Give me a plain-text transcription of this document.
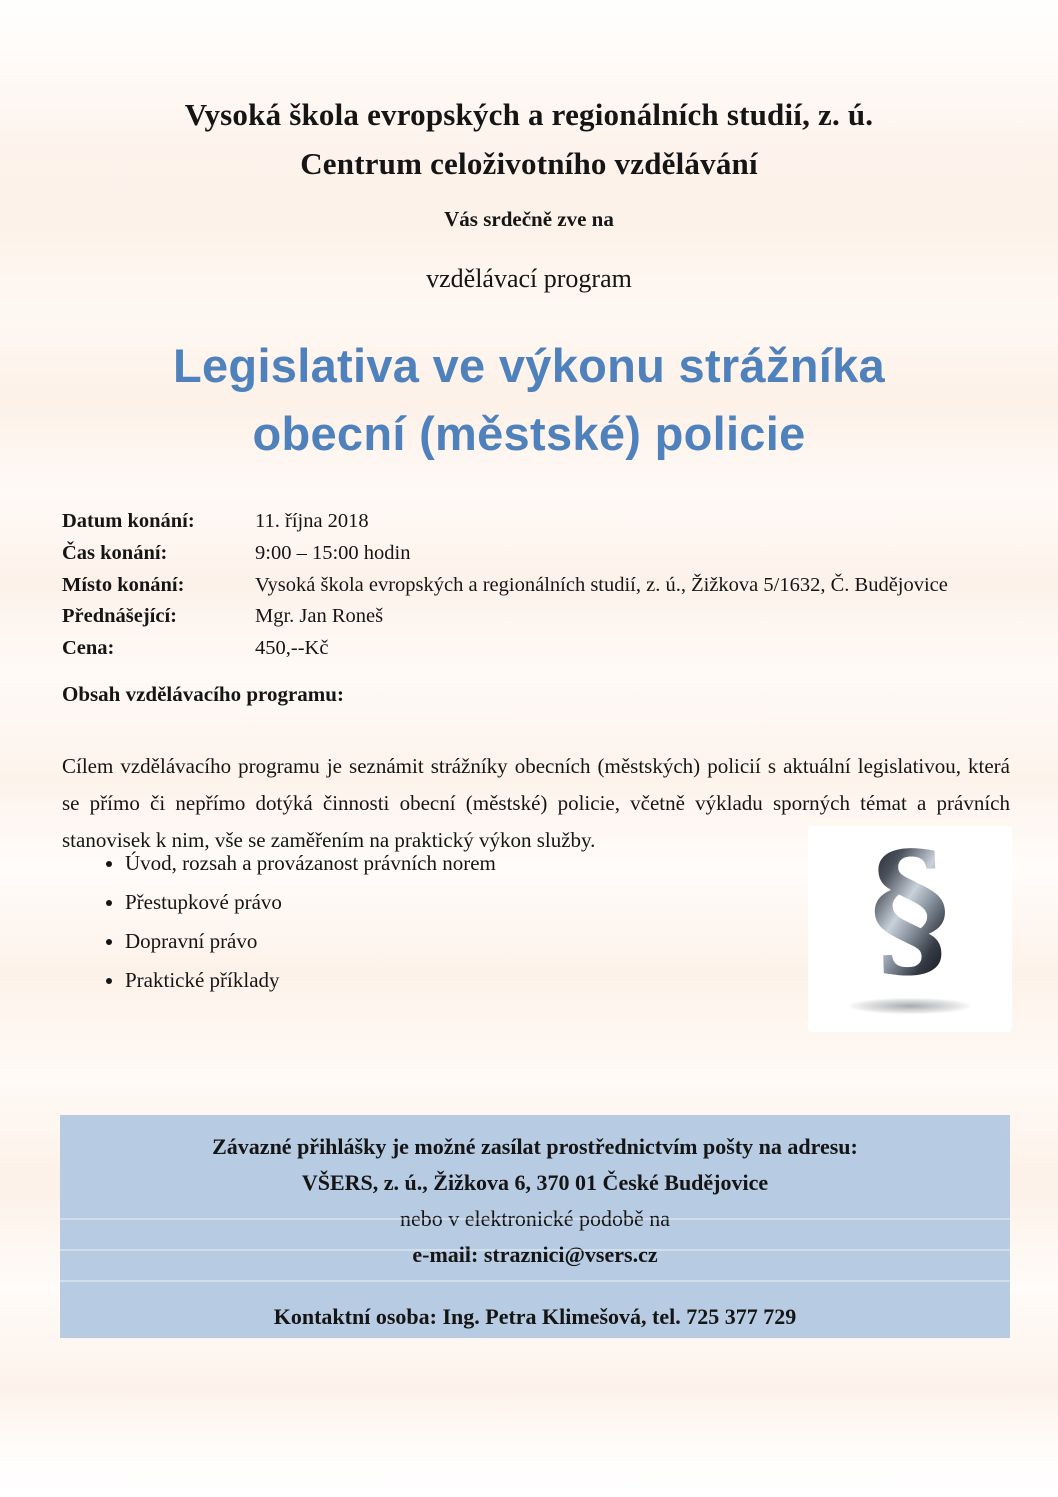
Vysoká škola evropských a regionálních studií, z. ú.
Centrum celoživotního vzdělávání
Vás srdečně zve na
vzdělávací program
Legislativa ve výkonu strážníka
obecní (městské) policie
Datum konání:	11. října 2018
Čas konání:	9:00 – 15:00 hodin
Místo konání:	Vysoká škola evropských a regionálních studií, z. ú., Žižkova 5/1632, Č. Budějovice
Přednášející:	Mgr. Jan Roneš
Cena:	450,--Kč
Obsah vzdělávacího programu:

Cílem vzdělávacího programu je seznámit strážníky obecních (městských) policií s aktuální legislativou, která se přímo či nepřímo dotýká činnosti obecní (městské) policie, včetně výkladu sporných témat a právních stanovisek k nim, vše se zaměřením na praktický výkon služby.

• Úvod, rozsah a provázanost právních norem
• Přestupkové právo
• Dopravní právo
• Praktické příklady	§
Závazné přihlášky je možné zasílat prostřednictvím pošty na adresu:
VŠERS, z. ú., Žižkova 6, 370 01 České Budějovice
nebo v elektronické podobě na
e-mail: straznici@vsers.cz
Kontaktní osoba: Ing. Petra Klimešová, tel. 725 377 729
